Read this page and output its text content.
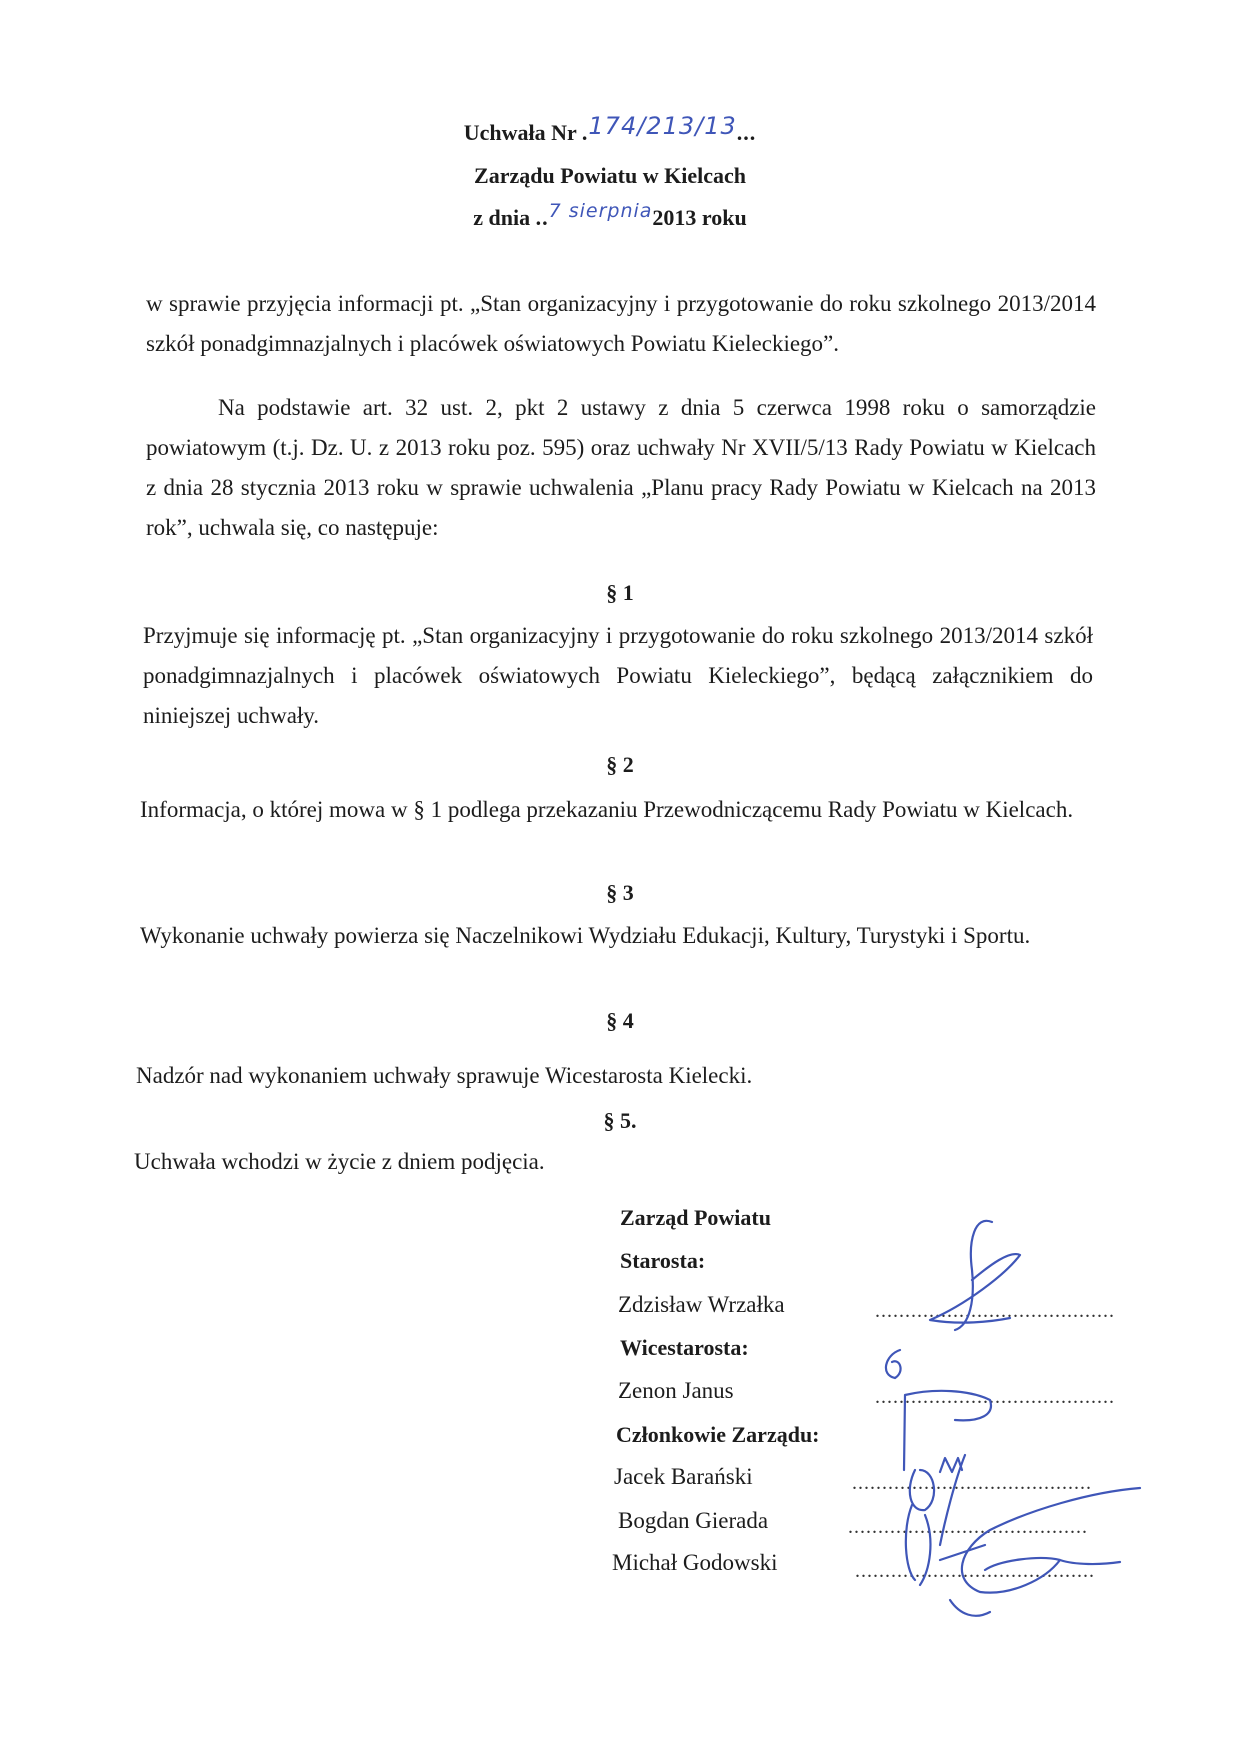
Uchwała Nr .174/213/13...
Zarządu Powiatu w Kielcach
z dnia ..7 sierpnia2013 roku
w sprawie przyjęcia informacji pt. „Stan organizacyjny i przygotowanie do roku szkolnego 2013/2014 szkół ponadgimnazjalnych i placówek oświatowych Powiatu Kieleckiego”.
Na podstawie art. 32 ust. 2, pkt 2 ustawy z dnia 5 czerwca 1998 roku o samorządzie powiatowym (t.j. Dz. U. z 2013 roku poz. 595) oraz uchwały Nr XVII/5/13 Rady Powiatu w Kielcach z dnia 28 stycznia 2013 roku w sprawie uchwalenia „Planu pracy Rady Powiatu w Kielcach na 2013 rok”, uchwala się, co następuje:
§ 1
Przyjmuje się informację pt. „Stan organizacyjny i przygotowanie do roku szkolnego 2013/2014 szkół ponadgimnazjalnych i placówek oświatowych Powiatu Kieleckiego”, będącą załącznikiem do niniejszej uchwały.
§ 2
Informacja, o której mowa w § 1 podlega przekazaniu Przewodniczącemu Rady Powiatu w Kielcach.
§ 3
Wykonanie uchwały powierza się Naczelnikowi Wydziału Edukacji, Kultury, Turystyki i Sportu.
§ 4
Nadzór nad wykonaniem uchwały sprawuje Wicestarosta Kielecki.
§ 5.
Uchwała wchodzi w życie z dniem podjęcia.
Zarząd Powiatu
Starosta:
Zdzisław Wrzałka	........................................
Wicestarosta:
Zenon Janus	........................................
Członkowie Zarządu:
Jacek Barański	........................................
Bogdan Gierada	........................................
Michał Godowski	........................................
